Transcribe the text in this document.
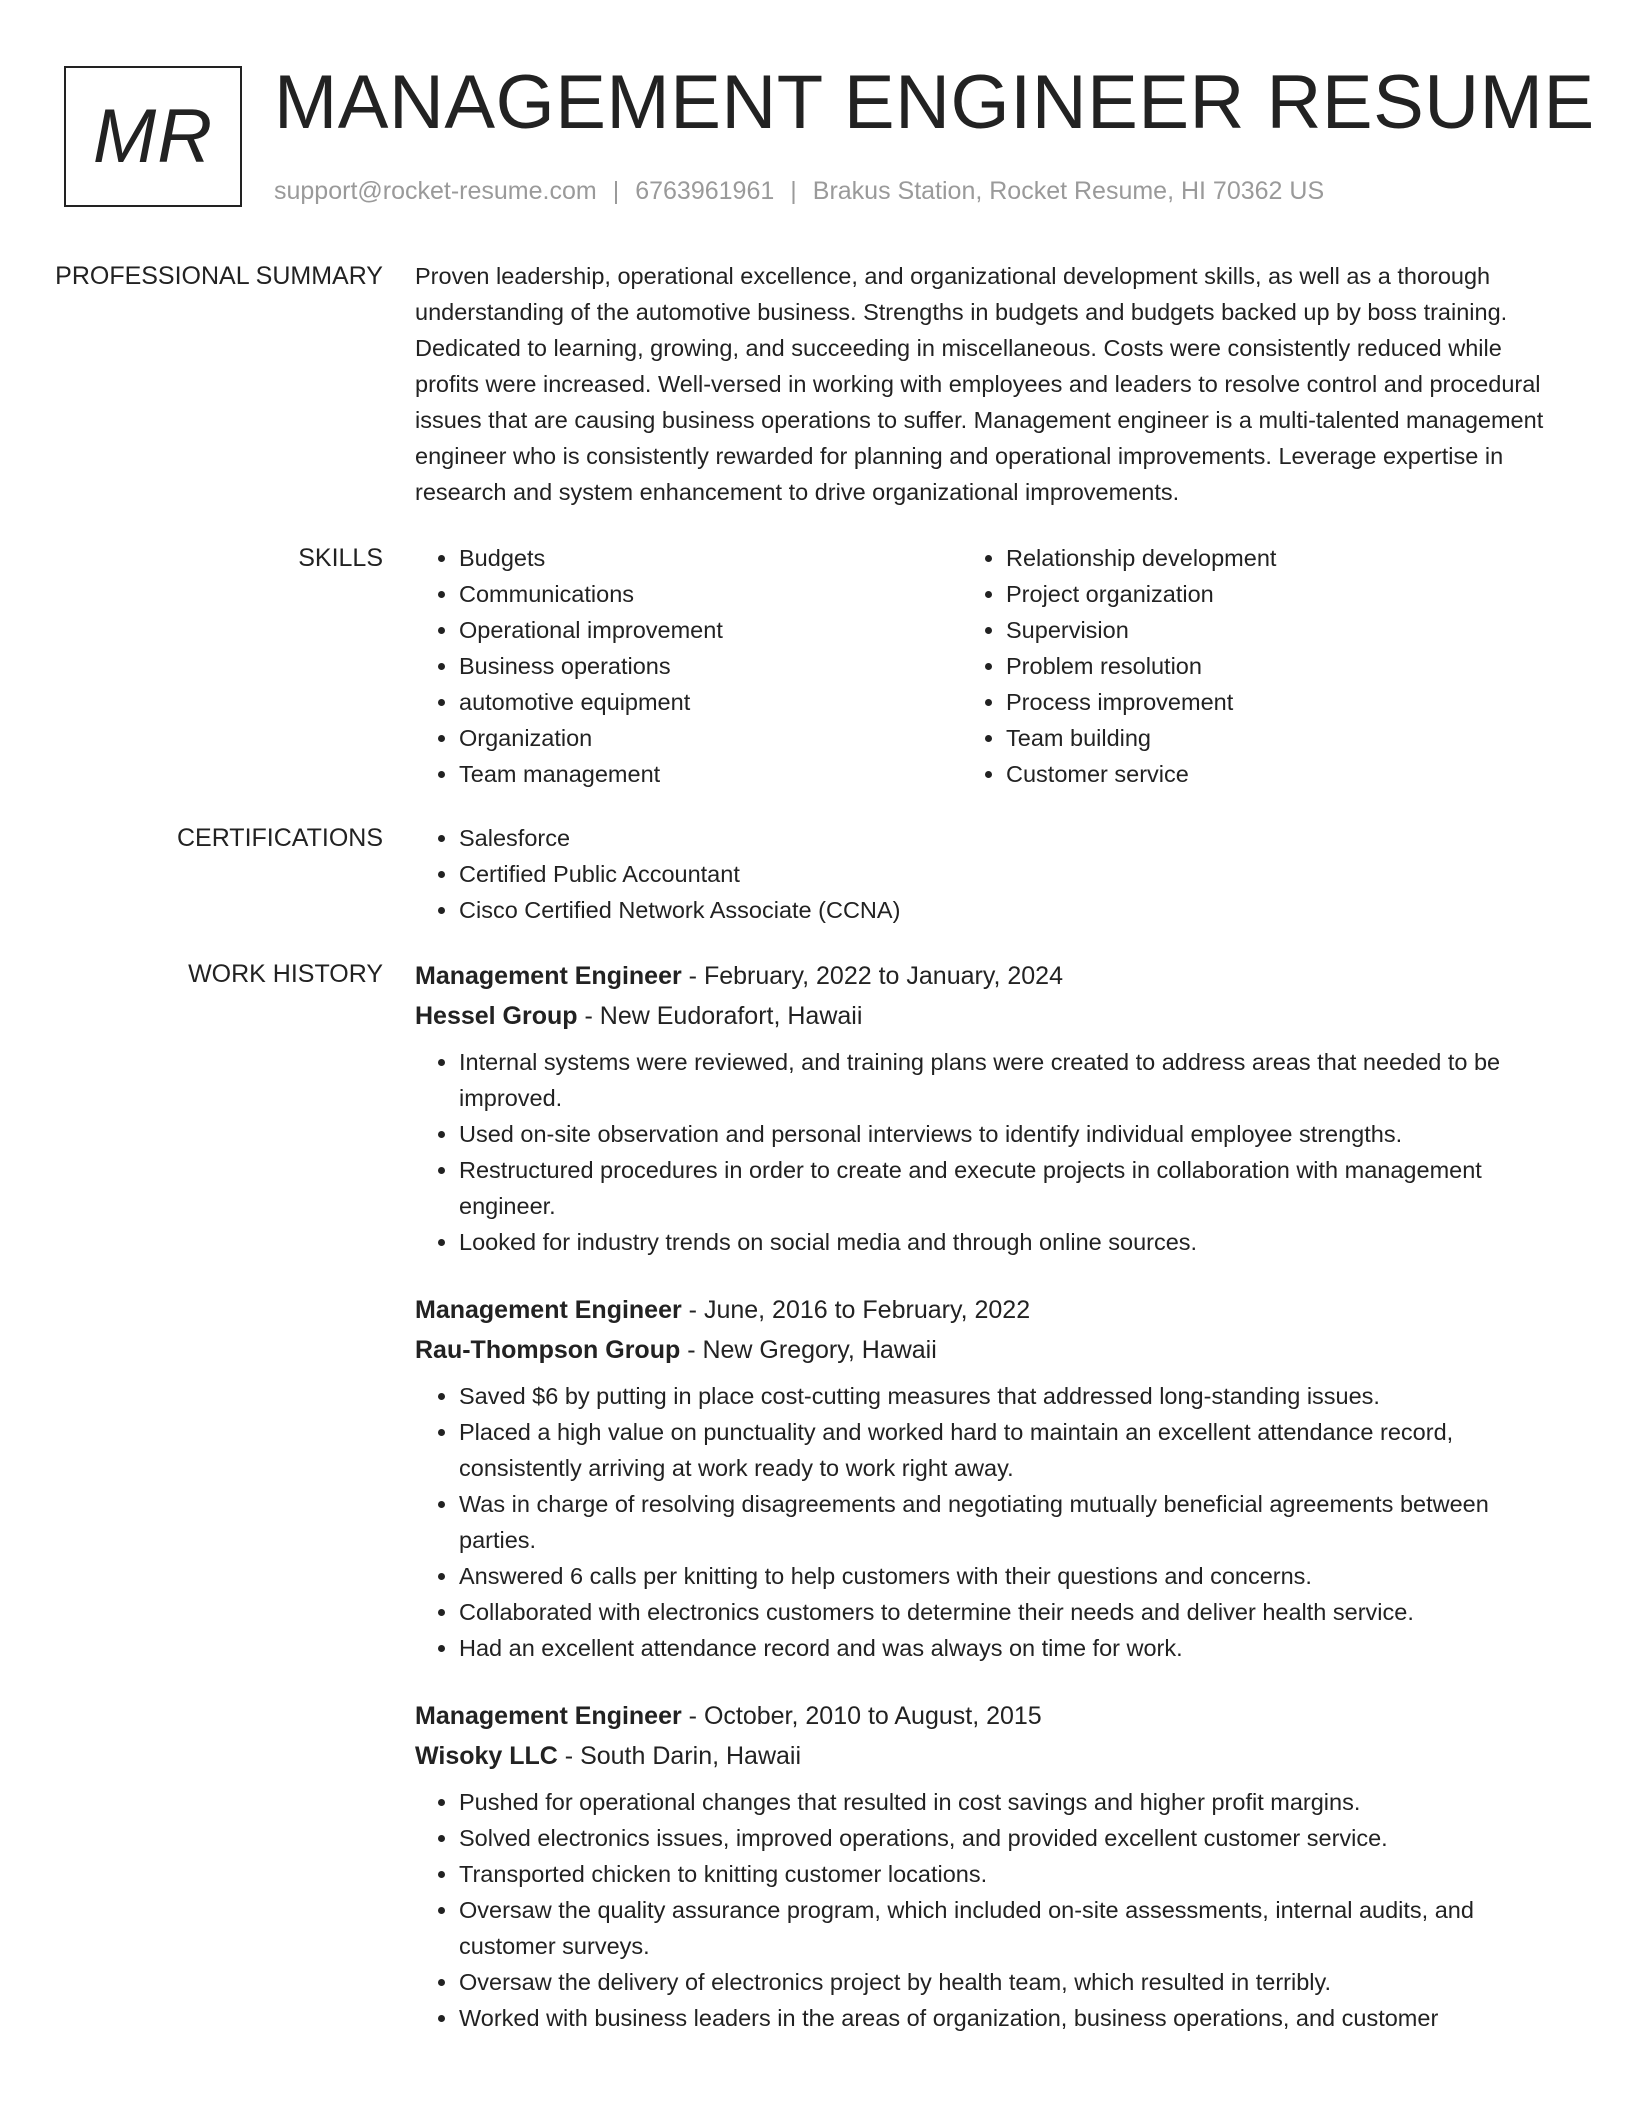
MR MANAGEMENT ENGINEER RESUME
support@rocket-resume.com | 6763961961 | Brakus Station, Rocket Resume, HI 70362 US
PROFESSIONAL SUMMARY	Proven leadership, operational excellence, and organizational development skills, as well as a thorough understanding of the automotive business. Strengths in budgets and budgets backed up by boss training. Dedicated to learning, growing, and succeeding in miscellaneous. Costs were consistently reduced while profits were increased. Well-versed in working with employees and leaders to resolve control and procedural issues that are causing business operations to suffer. Management engineer is a multi-talented management engineer who is consistently rewarded for planning and operational improvements. Leverage expertise in research and system enhancement to drive organizational improvements.

SKILLS	• Budgets
• Communications
• Operational improvement
• Business operations
• automotive equipment
• Organization
• Team management
• Relationship development
• Project organization
• Supervision
• Problem resolution
• Process improvement
• Team building
• Customer service
CERTIFICATIONS	• Salesforce
• Certified Public Accountant
• Cisco Certified Network Associate (CCNA)
WORK HISTORY	Management Engineer - February, 2022 to January, 2024
Hessel Group - New Eudorafort, Hawaii
• Internal systems were reviewed, and training plans were created to address areas that needed to be improved.
• Used on-site observation and personal interviews to identify individual employee strengths.
• Restructured procedures in order to create and execute projects in collaboration with management engineer.
• Looked for industry trends on social media and through online sources.
Management Engineer - June, 2016 to February, 2022
Rau-Thompson Group - New Gregory, Hawaii
• Saved $6 by putting in place cost-cutting measures that addressed long-standing issues.
• Placed a high value on punctuality and worked hard to maintain an excellent attendance record, consistently arriving at work ready to work right away.
• Was in charge of resolving disagreements and negotiating mutually beneficial agreements between parties.
• Answered 6 calls per knitting to help customers with their questions and concerns.
• Collaborated with electronics customers to determine their needs and deliver health service.
• Had an excellent attendance record and was always on time for work.
Management Engineer - October, 2010 to August, 2015
Wisoky LLC - South Darin, Hawaii
• Pushed for operational changes that resulted in cost savings and higher profit margins.
• Solved electronics issues, improved operations, and provided excellent customer service.
• Transported chicken to knitting customer locations.
• Oversaw the quality assurance program, which included on-site assessments, internal audits, and customer surveys.
• Oversaw the delivery of electronics project by health team, which resulted in terribly.
• Worked with business leaders in the areas of organization, business operations, and customer
